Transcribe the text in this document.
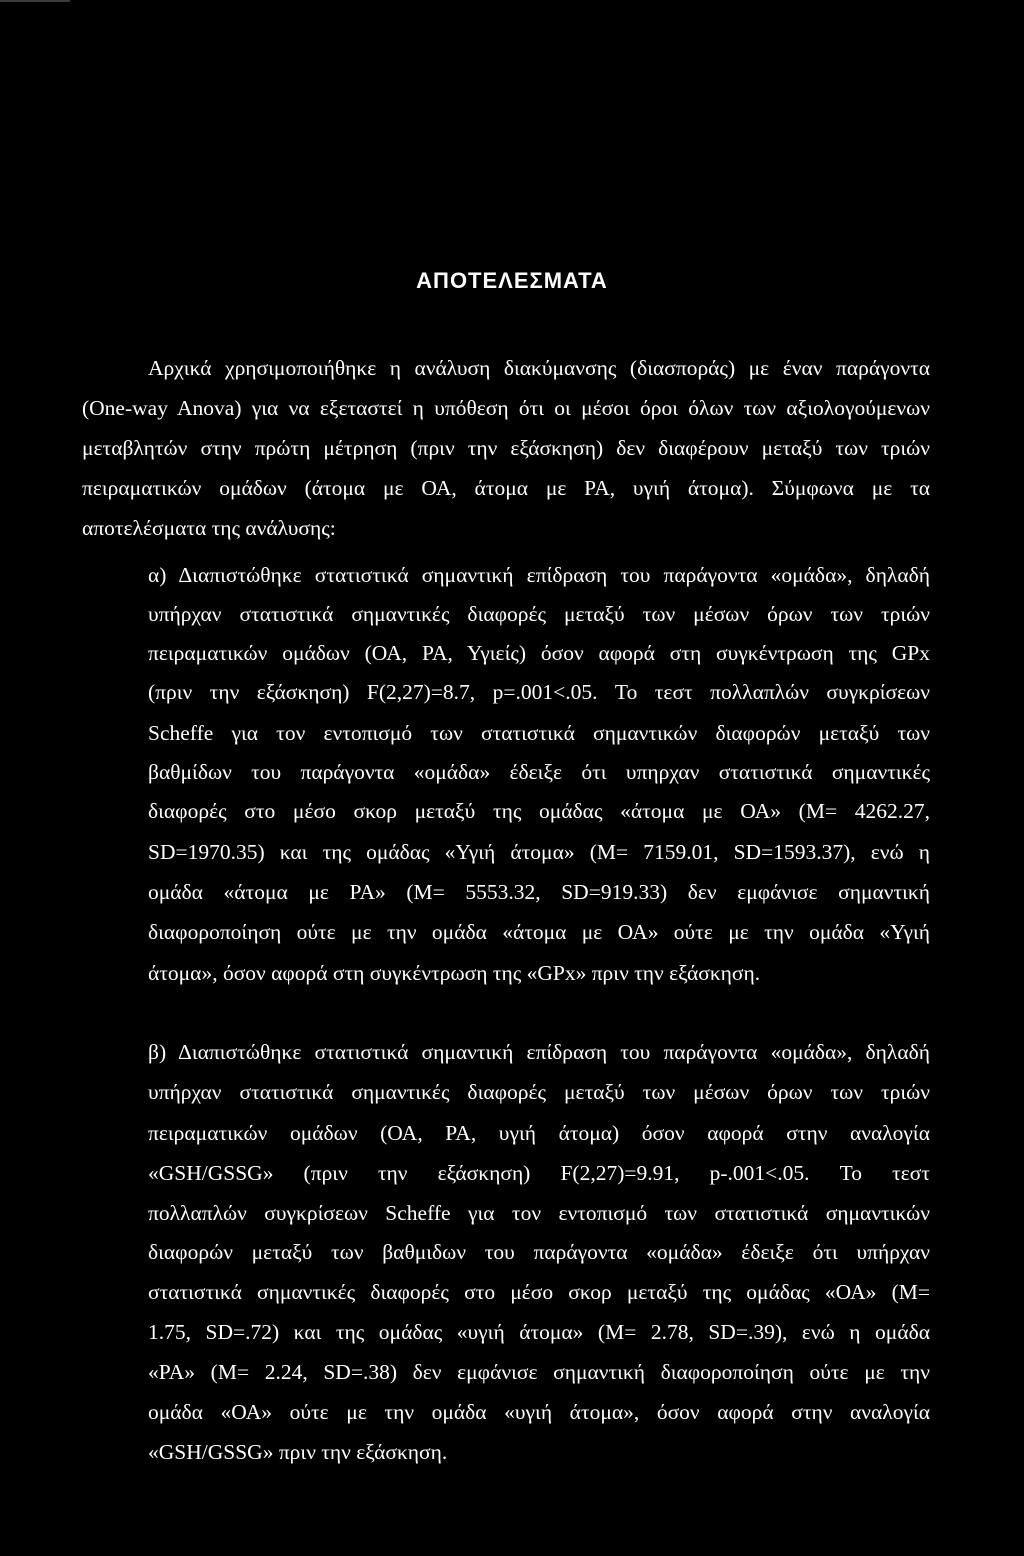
ΑΠΟΤΕΛΕΣΜΑΤΑ
Αρχικά χρησιμοποιήθηκε η ανάλυση διακύμανσης (διασποράς) με έναν παράγοντα
(One-way Anova) για να εξεταστεί η υπόθεση ότι οι μέσοι όροι όλων των αξιολογούμενων
μεταβλητών στην πρώτη μέτρηση (πριν την εξάσκηση) δεν διαφέρουν μεταξύ των τριών
πειραματικών ομάδων (άτομα με ΟΑ, άτομα με ΡΑ, υγιή άτομα). Σύμφωνα με τα
αποτελέσματα της ανάλυσης:
α) Διαπιστώθηκε στατιστικά σημαντική επίδραση του παράγοντα «ομάδα», δηλαδή
υπήρχαν στατιστικά σημαντικές διαφορές μεταξύ των μέσων όρων των τριών
πειραματικών ομάδων (ΟΑ, ΡΑ, Υγιείς) όσον αφορά στη συγκέντρωση της GPx
(πριν την εξάσκηση) F(2,27)=8.7, p=.001<.05. Το τεστ πολλαπλών συγκρίσεων
Scheffe για τον εντοπισμό των στατιστικά σημαντικών διαφορών μεταξύ των
βαθμίδων του παράγοντα «ομάδα» έδειξε ότι υπηρχαν στατιστικά σημαντικές
διαφορές στο μέσο σκορ μεταξύ της ομάδας «άτομα με ΟΑ» (Μ= 4262.27,
SD=1970.35) και της ομάδας «Υγιή άτομα» (Μ= 7159.01, SD=1593.37), ενώ η
ομάδα «άτομα με ΡΑ» (Μ= 5553.32, SD=919.33) δεν εμφάνισε σημαντική
διαφοροποίηση ούτε με την ομάδα «άτομα με ΟΑ» ούτε με την ομάδα «Υγιή
άτομα», όσον αφορά στη συγκέντρωση της «GPx» πριν την εξάσκηση.
β) Διαπιστώθηκε στατιστικά σημαντική επίδραση του παράγοντα «ομάδα», δηλαδή
υπήρχαν στατιστικά σημαντικές διαφορές μεταξύ των μέσων όρων των τριών
πειραματικών ομάδων (ΟΑ, ΡΑ, υγιή άτομα) όσον αφορά στην αναλογία
«GSH/GSSG» (πριν την εξάσκηση) F(2,27)=9.91, p-.001<.05. Το τεστ
πολλαπλών συγκρίσεων Scheffe για τον εντοπισμό των στατιστικά σημαντικών
διαφορών μεταξύ των βαθμιδων του παράγοντα «ομάδα» έδειξε ότι υπήρχαν
στατιστικά σημαντικές διαφορές στο μέσο σκορ μεταξύ της ομάδας «ΟΑ» (Μ=
1.75, SD=.72) και της ομάδας «υγιή άτομα» (Μ= 2.78, SD=.39), ενώ η ομάδα
«ΡΑ» (Μ= 2.24, SD=.38) δεν εμφάνισε σημαντική διαφοροποίηση ούτε με την
ομάδα «ΟΑ» ούτε με την ομάδα «υγιή άτομα», όσον αφορά στην αναλογία
«GSH/GSSG» πριν την εξάσκηση.
